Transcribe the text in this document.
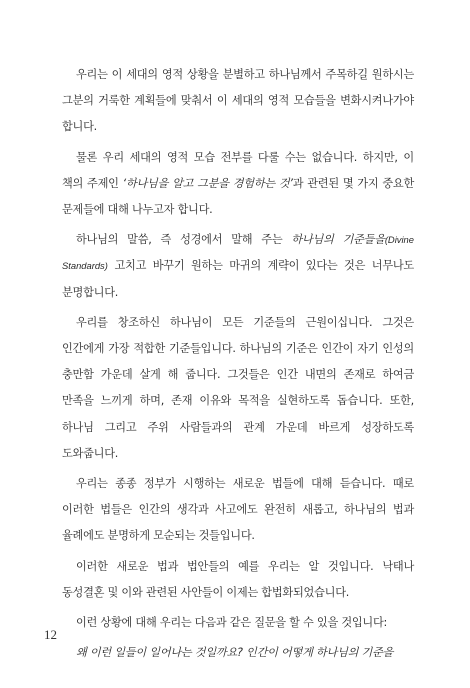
우리는 이 세대의 영적 상황을 분별하고 하나님께서 주목하길 원하시는 그분의 거룩한 계획들에 맞춰서 이 세대의 영적 모습들을 변화시켜나가야 합니다.

물론 우리 세대의 영적 모습 전부를 다룰 수는 없습니다. 하지만, 이 책의 주제인 ‘하나님을 알고 그분을 경험하는 것’과 관련된 몇 가지 중요한 문제들에 대해 나누고자 합니다.

하나님의 말씀, 즉 성경에서 말해 주는 하나님의 기준들을(Divine Standards) 고치고 바꾸기 원하는 마귀의 계략이 있다는 것은 너무나도 분명합니다.

우리를 창조하신 하나님이 모든 기준들의 근원이십니다. 그것은 인간에게 가장 적합한 기준들입니다. 하나님의 기준은 인간이 자기 인성의 충만함 가운데 살게 해 줍니다. 그것들은 인간 내면의 존재로 하여금 만족을 느끼게 하며, 존재 이유와 목적을 실현하도록 돕습니다. 또한, 하나님 그리고 주위 사람들과의 관계 가운데 바르게 성장하도록 도와줍니다.

우리는 종종 정부가 시행하는 새로운 법들에 대해 듣습니다. 때로 이러한 법들은 인간의 생각과 사고에도 완전히 새롭고, 하나님의 법과 율례에도 분명하게 모순되는 것들입니다.

이러한 새로운 법과 법안들의 예를 우리는 알 것입니다. 낙태나 동성결혼 및 이와 관련된 사안들이 이제는 합법화되었습니다.

이런 상황에 대해 우리는 다음과 같은 질문을 할 수 있을 것입니다:

왜 이런 일들이 일어나는 것일까요? 인간이 어떻게 하나님의 기준을

12
